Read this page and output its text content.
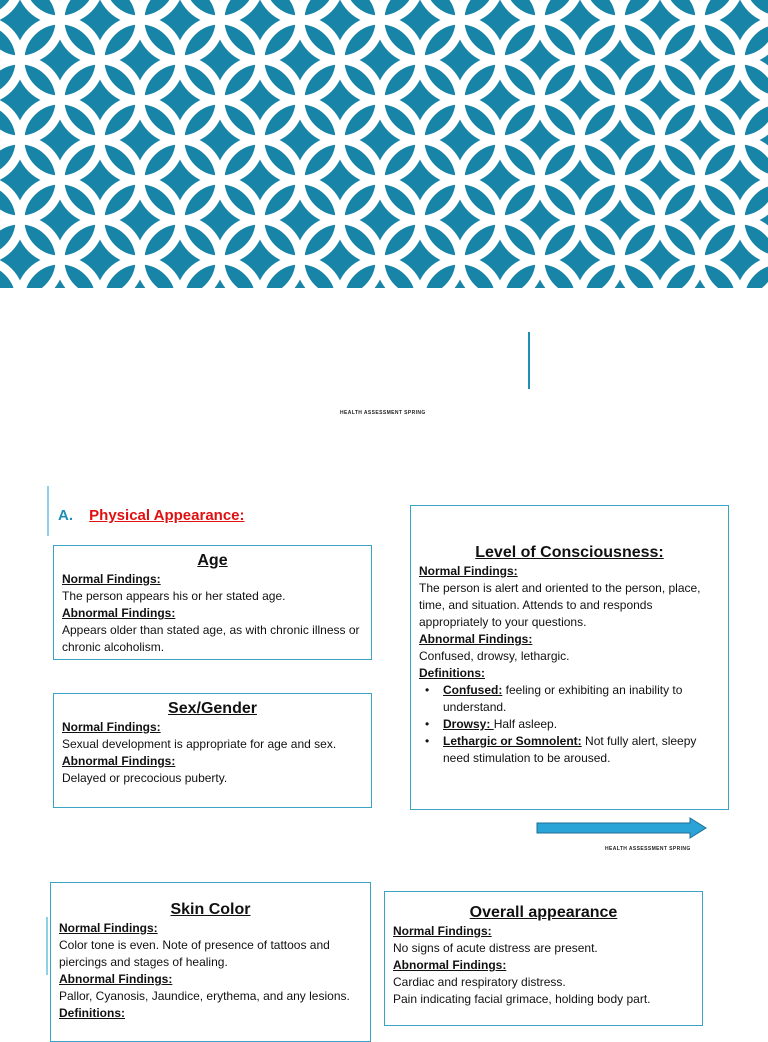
HEALTH ASSESSMENT SPRING
A. Physical Appearance:
Age
Normal Findings:
The person appears his or her stated age.
Abnormal Findings:
Appears older than stated age, as with chronic illness or chronic alcoholism.
Sex/Gender
Normal Findings:
Sexual development is appropriate for age and sex.
Abnormal Findings:
Delayed or precocious puberty.
Level of Consciousness:
Normal Findings:
The person is alert and oriented to the person, place, time, and situation. Attends to and responds appropriately to your questions.
Abnormal Findings:
Confused, drowsy, lethargic.
Definitions:
• Confused: feeling or exhibiting an inability to understand.
• Drowsy: Half asleep.
• Lethargic or Somnolent: Not fully alert, sleepy need stimulation to be aroused.
HEALTH ASSESSMENT SPRING
Skin Color
Normal Findings:
Color tone is even. Note of presence of tattoos and piercings and stages of healing.
Abnormal Findings:
Pallor, Cyanosis, Jaundice, erythema, and any lesions.
Definitions:
Overall appearance
Normal Findings:
No signs of acute distress are present.
Abnormal Findings:
Cardiac and respiratory distress.
Pain indicating facial grimace, holding body part.
